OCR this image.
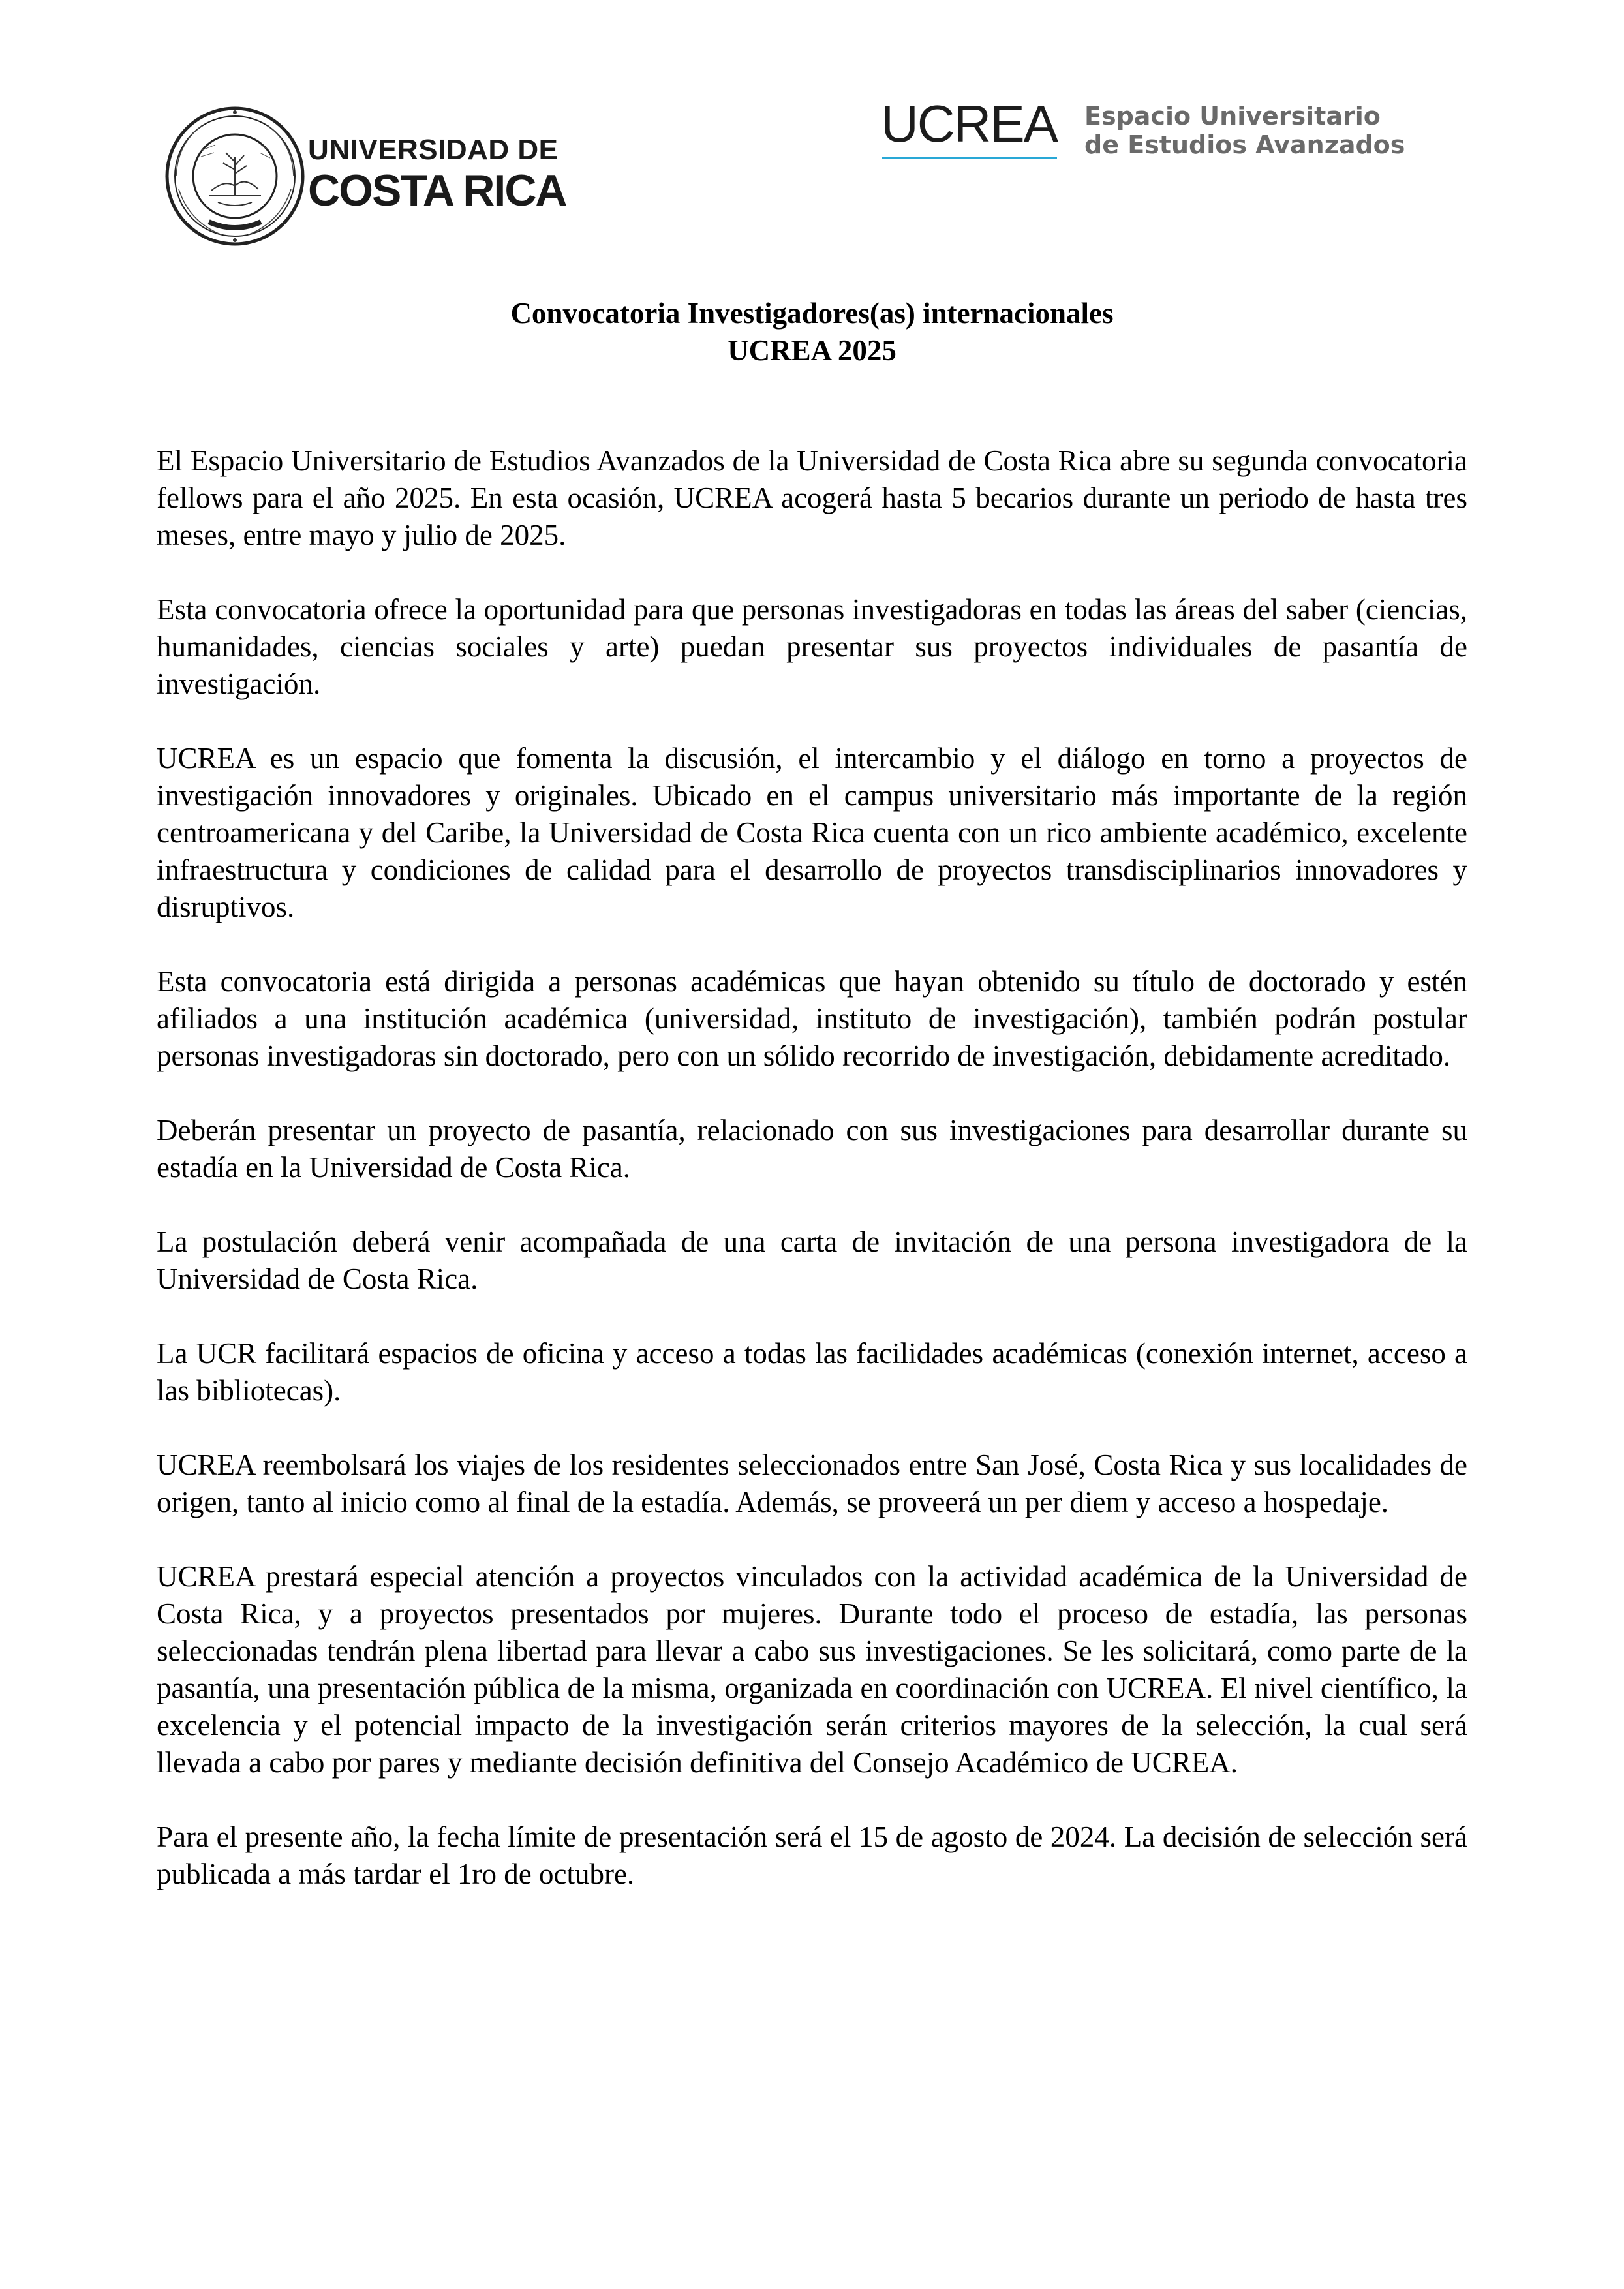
UNIVERSIDAD DE
COSTA RICA
UCREA Espacio Universitario
de Estudios Avanzados
Convocatoria Investigadores(as) internacionales
UCREA 2025

El Espacio Universitario de Estudios Avanzados de la Universidad de Costa Rica abre su segunda convocatoria fellows para el año 2025. En esta ocasión, UCREA acogerá hasta 5 becarios durante un periodo de hasta tres meses, entre mayo y julio de 2025.

Esta convocatoria ofrece la oportunidad para que personas investigadoras en todas las áreas del saber (ciencias, humanidades, ciencias sociales y arte) puedan presentar sus proyectos individuales de pasantía de investigación.

UCREA es un espacio que fomenta la discusión, el intercambio y el diálogo en torno a proyectos de investigación innovadores y originales. Ubicado en el campus universitario más importante de la región centroamericana y del Caribe, la Universidad de Costa Rica cuenta con un rico ambiente académico, excelente infraestructura y condiciones de calidad para el desarrollo de proyectos transdisciplinarios innovadores y disruptivos.

Esta convocatoria está dirigida a personas académicas que hayan obtenido su título de doctorado y estén afiliados a una institución académica (universidad, instituto de investigación), también podrán postular personas investigadoras sin doctorado, pero con un sólido recorrido de investigación, debidamente acreditado.

Deberán presentar un proyecto de pasantía, relacionado con sus investigaciones para desarrollar durante su estadía en la Universidad de Costa Rica.

La postulación deberá venir acompañada de una carta de invitación de una persona investigadora de la Universidad de Costa Rica.

La UCR facilitará espacios de oficina y acceso a todas las facilidades académicas (conexión internet, acceso a las bibliotecas).

UCREA reembolsará los viajes de los residentes seleccionados entre San José, Costa Rica y sus localidades de origen, tanto al inicio como al final de la estadía. Además, se proveerá un per diem y acceso a hospedaje.

UCREA prestará especial atención a proyectos vinculados con la actividad académica de la Universidad de Costa Rica, y a proyectos presentados por mujeres. Durante todo el proceso de estadía, las personas seleccionadas tendrán plena libertad para llevar a cabo sus investigaciones. Se les solicitará, como parte de la pasantía, una presentación pública de la misma, organizada en coordinación con UCREA. El nivel científico, la excelencia y el potencial impacto de la investigación serán criterios mayores de la selección, la cual será llevada a cabo por pares y mediante decisión definitiva del Consejo Académico de UCREA.

Para el presente año, la fecha límite de presentación será el 15 de agosto de 2024. La decisión de selección será publicada a más tardar el 1ro de octubre.
